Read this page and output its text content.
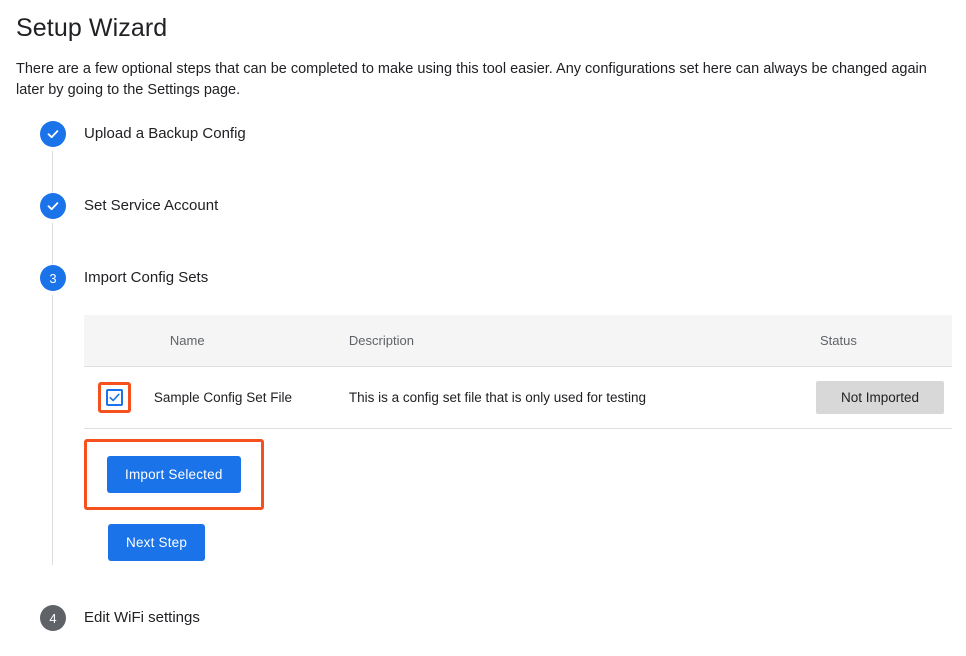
Setup Wizard
There are a few optional steps that can be completed to make using this tool easier. Any configurations set here can always be changed again later by going to the Settings page.
Upload a Backup Config
Set Service Account
3	Import Config Sets
	Name	Description	Status

	Sample Config Set File	This is a config set file that is only used for testing	Not Imported
Import Selected
Next Step
4	Edit WiFi settings
